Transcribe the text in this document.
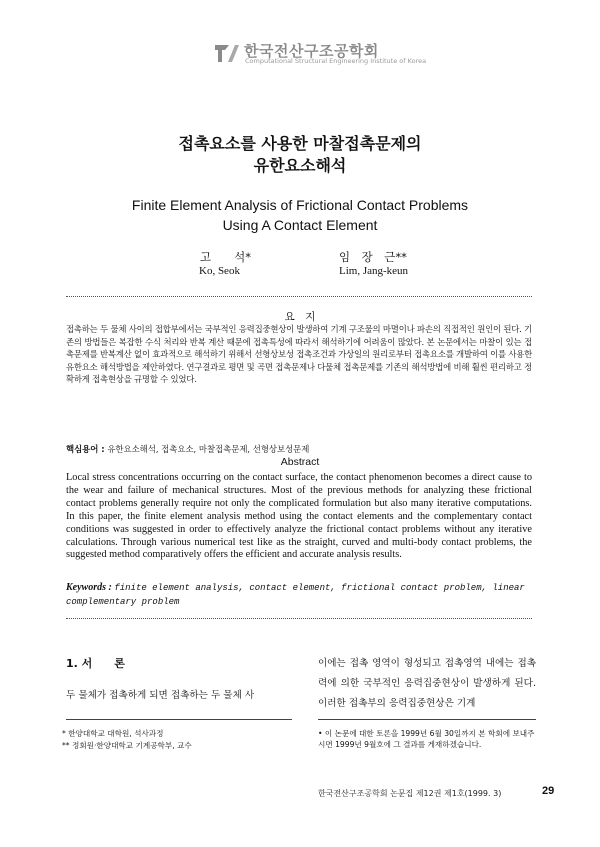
한국전산구조공학회
Computational Structural Engineering Institute of Korea
접촉요소를 사용한 마찰접촉문제의
유한요소해석
Finite Element Analysis of Frictional Contact Problems
Using A Contact Element
고　　석*
Ko, Seok
임　장　근**
Lim, Jang-keun
요　지
접촉하는 두 물체 사이의 접합부에서는 국부적인 응력집중현상이 발생하여 기계 구조물의 마멸이나 파손의 직접적인 원인이 된다. 기존의 방법들은 복잡한 수식 처리와 반복 계산 때문에 접촉특성에 따라서 해석하기에 어려움이 많았다. 본 논문에서는 마찰이 있는 접촉문제를 반복계산 없이 효과적으로 해석하기 위해서 선형상보성 접촉조건과 가상일의 원리로부터 접촉요소를 개발하여 이를 사용한 유한요소 해석방법을 제안하였다. 연구결과로 평면 및 곡면 접촉문제나 다물체 접촉문제를 기존의 해석방법에 비해 훨씬 편리하고 정확하게 접촉현상을 규명할 수 있었다.
핵심용어 : 유한요소해석, 접촉요소, 마찰접촉문제, 선형상보성문제
Abstract
Local stress concentrations occurring on the contact surface, the contact phenomenon becomes a direct cause to the wear and failure of mechanical structures. Most of the previous methods for analyzing these frictional contact problems generally require not only the complicated formulation but also many iterative computations. In this paper, the finite element analysis method using the contact elements and the complementary contact conditions was suggested in order to effectively analyze the frictional contact problems without any iterative calculations. Through various numerical test like as the straight, curved and multi-body contact problems, the suggested method comparatively offers the efficient and accurate analysis results.
Keywords : finite element analysis, contact element, frictional contact problem, linear complementary problem
1. 서　　론
두 물체가 접촉하게 되면 접촉하는 두 물체 사
이에는 접촉 영역이 형성되고 접촉영역 내에는 접촉력에 의한 국부적인 응력집중현상이 발생하게 된다. 이러한 접촉부의 응력집중현상은 기계
* 한양대학교 대학원, 석사과정
** 정회원·한양대학교 기계공학부, 교수
• 이 논문에 대한 토론을 1999년 6월 30일까지 본 학회에 보내주시면 1999년 9월호에 그 결과를 게재하겠습니다.
한국전산구조공학회 논문집 제12권 제1호(1999. 3)	29
